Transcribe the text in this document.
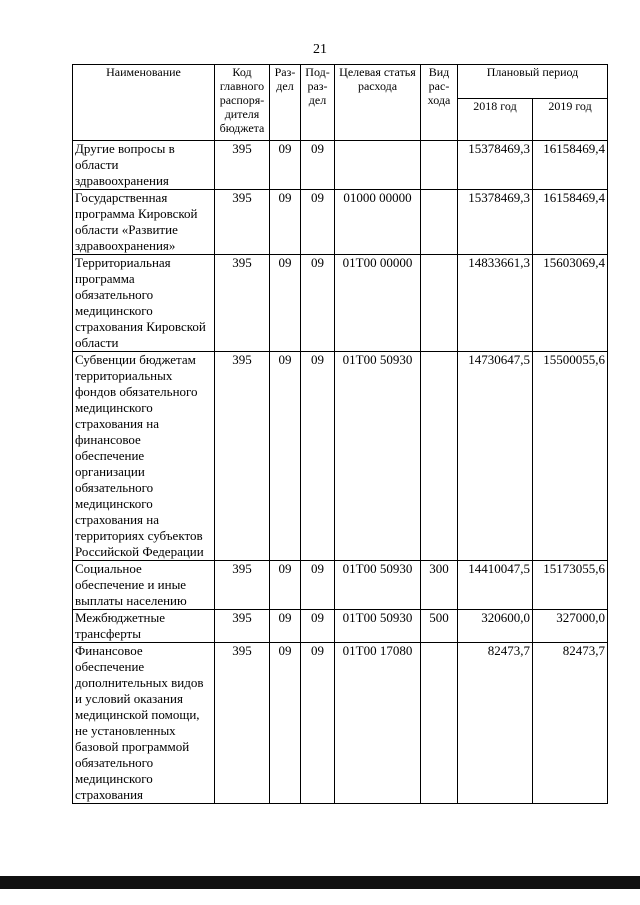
21
Наименование	Код главного распоря-дителя бюджета	Раз-дел	Под-раз-дел	Целевая статья расхода	Вид рас-хода	Плановый период	
						2018 год	2019 год
Другие вопросы в области здравоохранения	395	09	09			15378469,3	16158469,4
Государственная программа Кировской области «Развитие здравоохранения»	395	09	09	01000 00000		15378469,3	16158469,4
Территориальная программа обязательного медицинского страхования Кировской области	395	09	09	01Т00 00000		14833661,3	15603069,4
Субвенции бюджетам территориальных фондов обязательного медицинского страхования на финансовое обеспечение организации обязательного медицинского страхования на территориях субъектов Российской Федерации	395	09	09	01Т00 50930		14730647,5	15500055,6
Социальное обеспечение и иные выплаты населению	395	09	09	01Т00 50930	300	14410047,5	15173055,6
Межбюджетные трансферты	395	09	09	01Т00 50930	500	320600,0	327000,0
Финансовое обеспечение дополнительных видов и условий оказания медицинской помощи, не установленных базовой программой обязательного медицинского страхования	395	09	09	01Т00 17080		82473,7	82473,7
